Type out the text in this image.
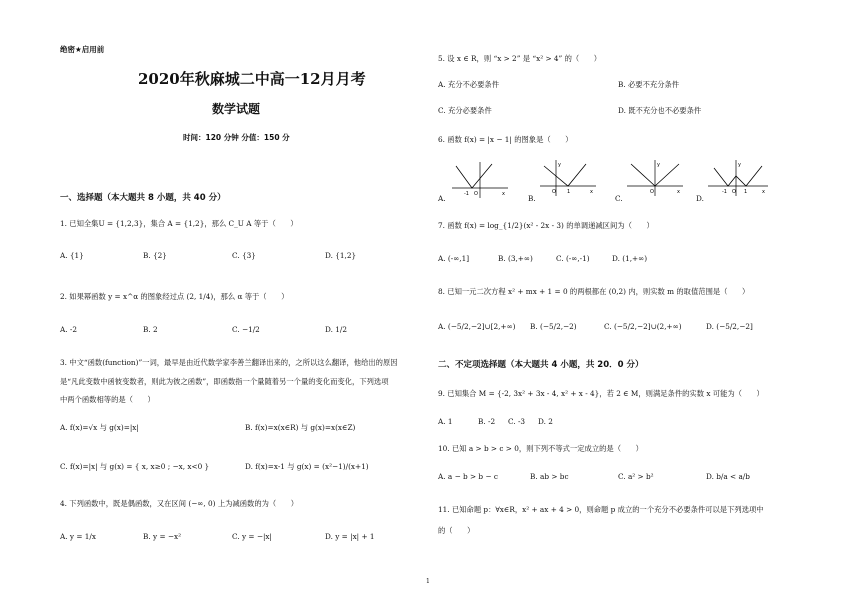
绝密★启用前
2020年秋麻城二中高一12月月考
数学试题
时间：120 分钟 分值：150 分
一、选择题（本大题共 8 小题，共 40 分）
1. 已知全集U = {1,2,3}，集合 A = {1,2}，那么 C_U A 等于（　　）
A. {1}	B. {2}	C. {3}	D. {1,2}
2. 如果幂函数 y = x^α 的图象经过点 (2, 1/4)，那么 α 等于（　　）
A. -2	B. 2	C. −1/2	D. 1/2
3. 中文“函数(function)”一词，最早是由近代数学家李善兰翻译出来的，之所以这么翻译，他给出的原因
是“凡此变数中函彼变数者，则此为彼之函数”，即函数指一个量随着另一个量的变化而变化，下列选项
中两个函数相等的是（　　）
A. f(x)=√x 与 g(x)=|x|	B. f(x)=x(x∈R) 与 g(x)=x(x∈Z)
C. f(x)=|x| 与 g(x) = { x, x≥0 ; −x, x<0 }	D. f(x)=x-1 与 g(x) = (x²−1)/(x+1)
4. 下列函数中，既是偶函数，又在区间 (−∞, 0) 上为减函数的为（　　）
A. y = 1/x	B. y = −x²	C. y = −|x|	D. y = |x| + 1
5. 设 x ∈ R，则 “x > 2” 是 “x² > 4” 的（　　）
A. 充分不必要条件	B. 必要不充分条件
C. 充分必要条件	D. 既不充分也不必要条件
6. 函数 f(x) = |x − 1| 的图象是（　　）
A.	-1 O	x	B.
y
O 1	x
C.
y
O	x
D.
y
-1 O 1	x
7. 函数 f(x) = log_{1/2}(x² - 2x - 3) 的单调递减区间为（　　）
A. (-∞,1]	B. (3,+∞)	C. (-∞,-1)	D. (1,+∞)
8. 已知一元二次方程 x² + mx + 1 = 0 的两根都在 (0,2) 内，则实数 m 的取值范围是（　　）
A. (−5/2,−2]∪[2,+∞) B. (−5/2,−2)	C. (−5/2,−2]∪(2,+∞)	D. (−5/2,−2]
二、不定项选择题（本大题共 4 小题，共 20．0 分）
9. 已知集合 M = {-2, 3x² + 3x - 4, x² + x - 4}，若 2 ∈ M，则满足条件的实数 x 可能为（　　）
A. 1	B. -2 C. -3 D. 2
10. 已知 a > b > c > 0，则下列不等式一定成立的是（　　）
A. a − b > b − c	B. ab > bc	C. a² > b²	D. b/a < a/b
11. 已知命题 p：∀x∈R，x² + ax + 4 > 0，则命题 p 成立的一个充分不必要条件可以是下列选项中
的（　　）
1
